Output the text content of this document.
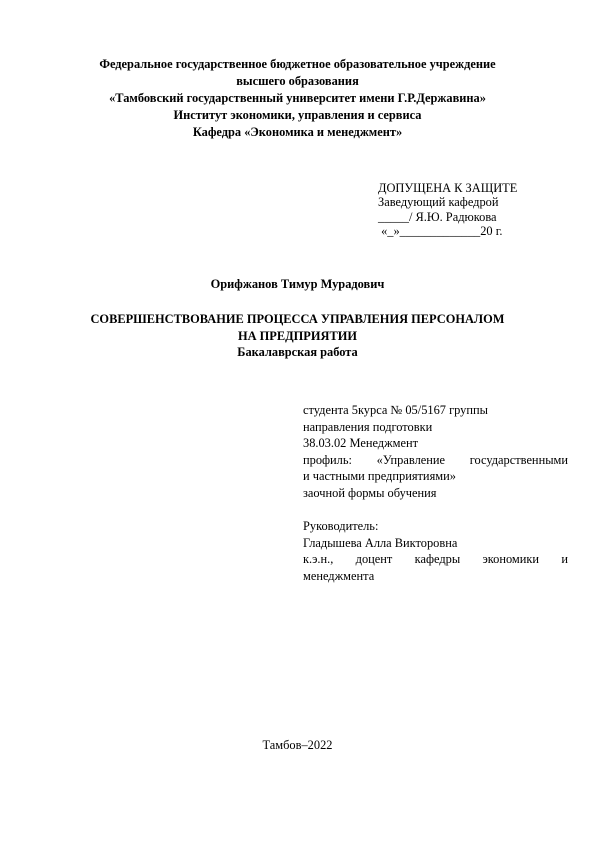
Федеральное государственное бюджетное образовательное учреждение
высшего образования
«Тамбовский государственный университет имени Г.Р.Державина»
Институт экономики, управления и сервиса
Кафедра «Экономика и менеджмент»
ДОПУЩЕНА К ЗАЩИТЕ
Заведующий кафедрой
_____/ Я.Ю. Радюкова
«_»_____________20 г.
Орифжанов Тимур Мурадович
СОВЕРШЕНСТВОВАНИЕ ПРОЦЕССА УПРАВЛЕНИЯ ПЕРСОНАЛОМ
НА ПРЕДПРИЯТИИ
Бакалаврская работа
студента 5курса № 05/5167 группы
направления подготовки
38.03.02 Менеджмент
профиль: «Управление государственными
и частными предприятиями»
заочной формы обучения
Руководитель:
Гладышева Алла Викторовна
к.э.н., доцент кафедры экономики и
менеджмента
Тамбов–2022
